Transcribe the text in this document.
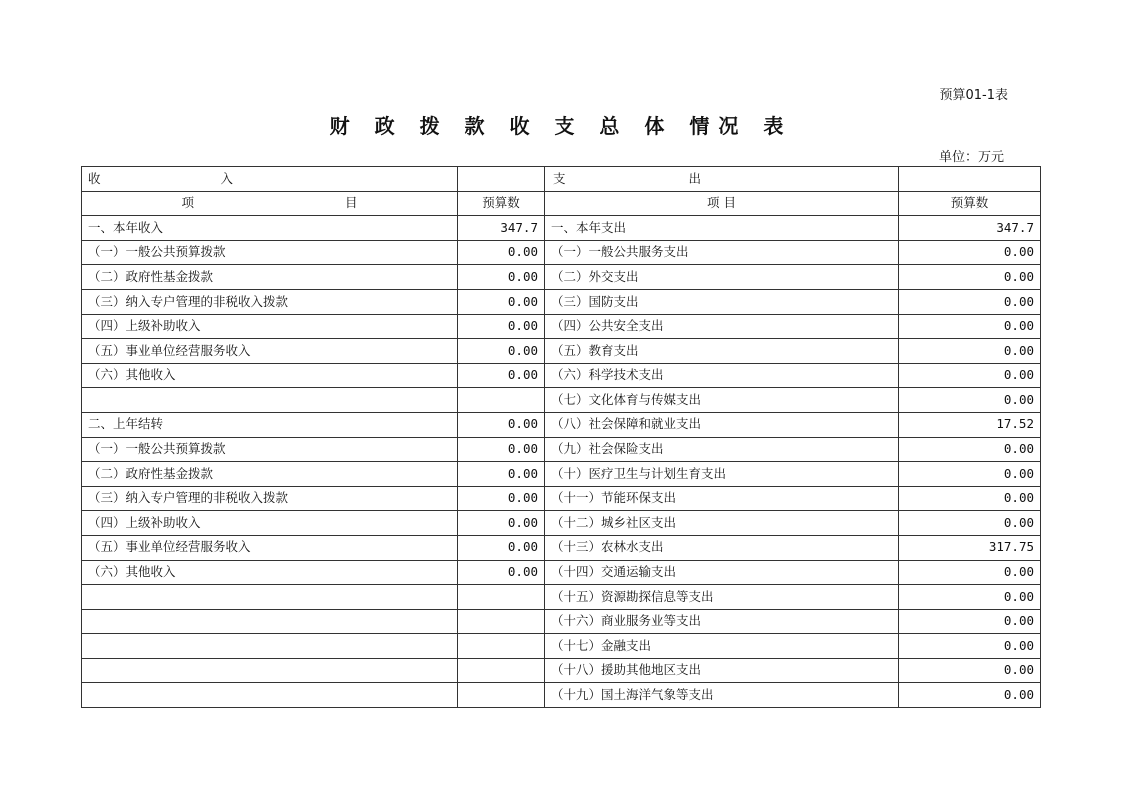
预算01-1表
财 政 拨 款 收 支 总 体 情况 表
单位：万元
收 入		支 出	

项 目	预算数	项 目	预算数
一、本年收入	347.7	一、本年支出	347.7
（一）一般公共预算拨款	0.00	（一）一般公共服务支出	0.00
（二）政府性基金拨款	0.00	（二）外交支出	0.00
（三）纳入专户管理的非税收入拨款	0.00	（三）国防支出	0.00
（四）上级补助收入	0.00	（四）公共安全支出	0.00
（五）事业单位经营服务收入	0.00	（五）教育支出	0.00
（六）其他收入	0.00	（六）科学技术支出	0.00
		（七）文化体育与传媒支出	0.00
二、上年结转	0.00	（八）社会保障和就业支出	17.52
（一）一般公共预算拨款	0.00	（九）社会保险支出	0.00
（二）政府性基金拨款	0.00	（十）医疗卫生与计划生育支出	0.00
（三）纳入专户管理的非税收入拨款	0.00	（十一）节能环保支出	0.00
（四）上级补助收入	0.00	（十二）城乡社区支出	0.00
（五）事业单位经营服务收入	0.00	（十三）农林水支出	317.75
（六）其他收入	0.00	（十四）交通运输支出	0.00
		（十五）资源勘探信息等支出	0.00
		（十六）商业服务业等支出	0.00
		（十七）金融支出	0.00
		（十八）援助其他地区支出	0.00
		（十九）国土海洋气象等支出	0.00
